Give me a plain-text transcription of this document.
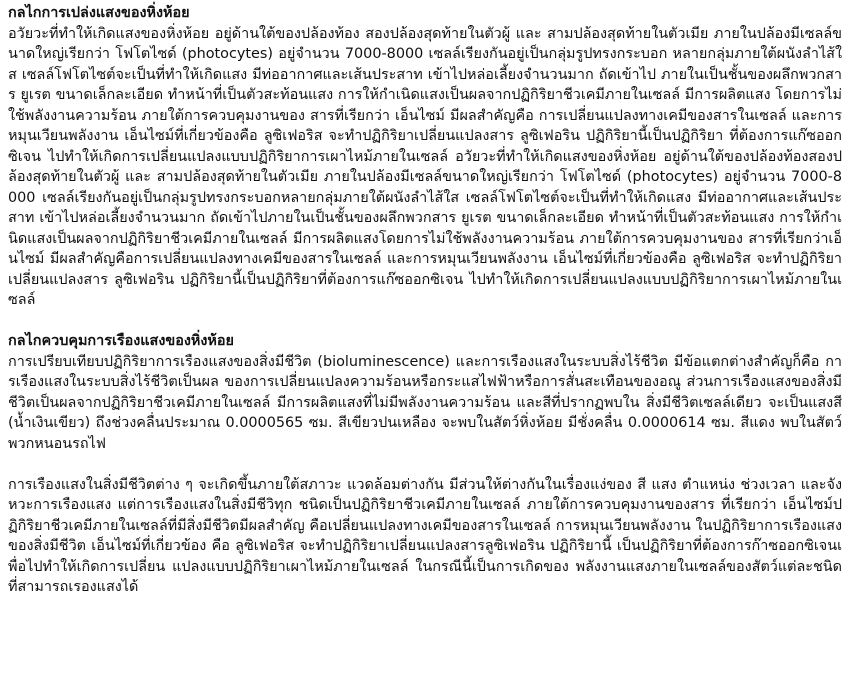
กลไกการเปล่งแสงของหิ่งห้อย

อวัยวะที่ทำให้เกิดแสงของหิ่งห้อย อยู่ด้านใต้ของปล้องท้อง สองปล้องสุดท้ายในตัวผู้ และ สามปล้องสุดท้ายในตัวเมีย ภายในปล้องมีเซลล์ขนาดใหญ่เรียกว่า โฟโตไซด์ (photocytes) อยู่จำนวน 7000-8000 เซลล์เรียงกันอยู่เป็นกลุ่มรูปทรงกระบอก หลายกลุ่มภายใต้ผนังลำไส้ใส เซลล์โฟโตไซต์จะเป็นที่ทำให้เกิดแสง มีท่ออากาศและเส้นประสาท เข้าไปหล่อเลี้ยงจำนวนมาก ถัดเข้าไป ภายในเป็นชั้นของผลึกพวกสาร ยูเรต ขนาดเล็กละเอียด ทำหน้าที่เป็นตัวสะท้อนแสง การให้กำเนิดแสงเป็นผลจากปฏิกิริยาชีวเคมีภายในเซลล์ มีการผลิตแสง โดยการไม่ใช้พลังงานความร้อน ภายใต้การควบคุมงานของ สารที่เรียกว่า เอ็นไซม์ มีผลสำคัญคือ การเปลี่ยนแปลงทางเคมีของสารในเซลล์ และการหมุนเวียนพลังงาน เอ็นไซม์ที่เกี่ยวข้องคือ ลูซิเฟอริส จะทำปฏิกิริยาเปลี่ยนแปลงสาร ลูซิเฟอริน ปฏิกิริยานี้เป็นปฏิกิริยา ที่ต้องการแก๊ซออกซิเจน ไปทำให้เกิดการเปลี่ยนแปลงแบบปฏิกิริยาการเผาไหม้ภายในเซลล์ อวัยวะที่ทำให้เกิดแสงของหิ่งห้อย อยู่ด้านใต้ของปล้องท้องสองปล้องสุดท้ายในตัวผู้ และ สามปล้องสุดท้ายในตัวเมีย ภายในปล้องมีเซลล์ขนาดใหญ่เรียกว่า โฟโตไซด์ (photocytes) อยู่จำนวน 7000-8000 เซลล์เรียงกันอยู่เป็นกลุ่มรูปทรงกระบอกหลายกลุ่มภายใต้ผนังลำไส้ใส เซลล์โฟโตไซต์จะเป็นที่ทำให้เกิดแสง มีท่ออากาศและเส้นประสาท เข้าไปหล่อเลี้ยงจำนวนมาก ถัดเข้าไปภายในเป็นชั้นของผลึกพวกสาร ยูเรต ขนาดเล็กละเอียด ทำหน้าที่เป็นตัวสะท้อนแสง การให้กำเนิดแสงเป็นผลจากปฏิกิริยาชีวเคมีภายในเซลล์ มีการผลิตแสงโดยการไม่ใช้พลังงานความร้อน ภายใต้การควบคุมงานของ สารที่เรียกว่าเอ็นไซม์ มีผลสำคัญคือการเปลี่ยนแปลงทางเคมีของสารในเซลล์ และการหมุนเวียนพลังงาน เอ็นไซม์ที่เกี่ยวข้องคือ ลูซิเฟอริส จะทำปฏิกิริยาเปลี่ยนแปลงสาร ลูซิเฟอริน ปฏิกิริยานี้เป็นปฏิกิริยาที่ต้องการแก๊ซออกซิเจน ไปทำให้เกิดการเปลี่ยนแปลงแบบปฏิกิริยาการเผาไหม้ภายในเซลล์

กลไกควบคุมการเรืองแสงของหิ่งห้อย

การเปรียบเทียบปฏิกิริยาการเรืองแสงของสิ่งมีชีวิต (bioluminescence) และการเรืองแสงในระบบสิ่งไร้ชีวิต มีข้อแตกต่างสำคัญก็คือ การเรืองแสงในระบบสิ่งไร้ชีวิตเป็นผล ของการเปลี่ยนแปลงความร้อนหรือกระแสไฟฟ้าหรือการสั่นสะเทือนของอณู ส่วนการเรืองแสงของสิ่งมีชีวิตเป็นผลจากปฏิกิริยาชีวเคมีภายในเซลล์ มีการผลิตแสงที่ไม่มีพลังงานความร้อน และสีที่ปรากฏพบใน สิ่งมีชีวิตเซลล์เดียว จะเป็นแสงสี (น้ำเงินเขียว) ถึงช่วงคลื่นประมาณ 0.0000565 ซม. สีเขียวปนเหลือง จะพบในสัตว์หิ่งห้อย มีชั่งคลื่น 0.0000614 ซม. สีแดง พบในสัตว์พวกหนอนรถไฟ

การเรืองแสงในสิ่งมีชีวิตต่าง ๆ จะเกิดขึ้นภายใต้สภาวะ แวดล้อมต่างกัน มีส่วนให้ต่างกันในเรื่องแง่ของ สี แสง ตำแหน่ง ช่วงเวลา และจังหวะการเรืองแสง แต่การเรืองแสงในสิ่งมีชีวิทุก ชนิดเป็นปฏิกิริยาชีวเคมีภายในเซลล์ ภายใต้การควบคุมงานของสาร ที่เรียกว่า เอ็นไซม์ปฏิกิริยาชีวเคมีภายในเซลล์ที่มีสิ่งมีชีวิตมีผลสำคัญ คือเปลี่ยนแปลงทางเคมีของสารในเซลล์ การหมุนเวียนพลังงาน ในปฏิกิริยาการเรืองแสงของสิ่งมีชีวิต เอ็นไซม์ที่เกี่ยวข้อง คือ ลูซิเฟอริส จะทำปฏิกิริยาเปลี่ยนแปลงสารลูซิเฟอริน ปฏิกิริยานี้ เป็นปฏิกิริยาที่ต้องการก๊าซออกซิเจนเพื่อไปทำให้เกิดการเปลี่ยน แปลงแบบปฏิกิริยาเผาไหม้ภายในเซลล์ ในกรณีนี้เป็นการเกิดของ พลังงานแสงภายในเซลล์ของสัตว์แต่ละชนิดที่สามารถเรองแสงได้
